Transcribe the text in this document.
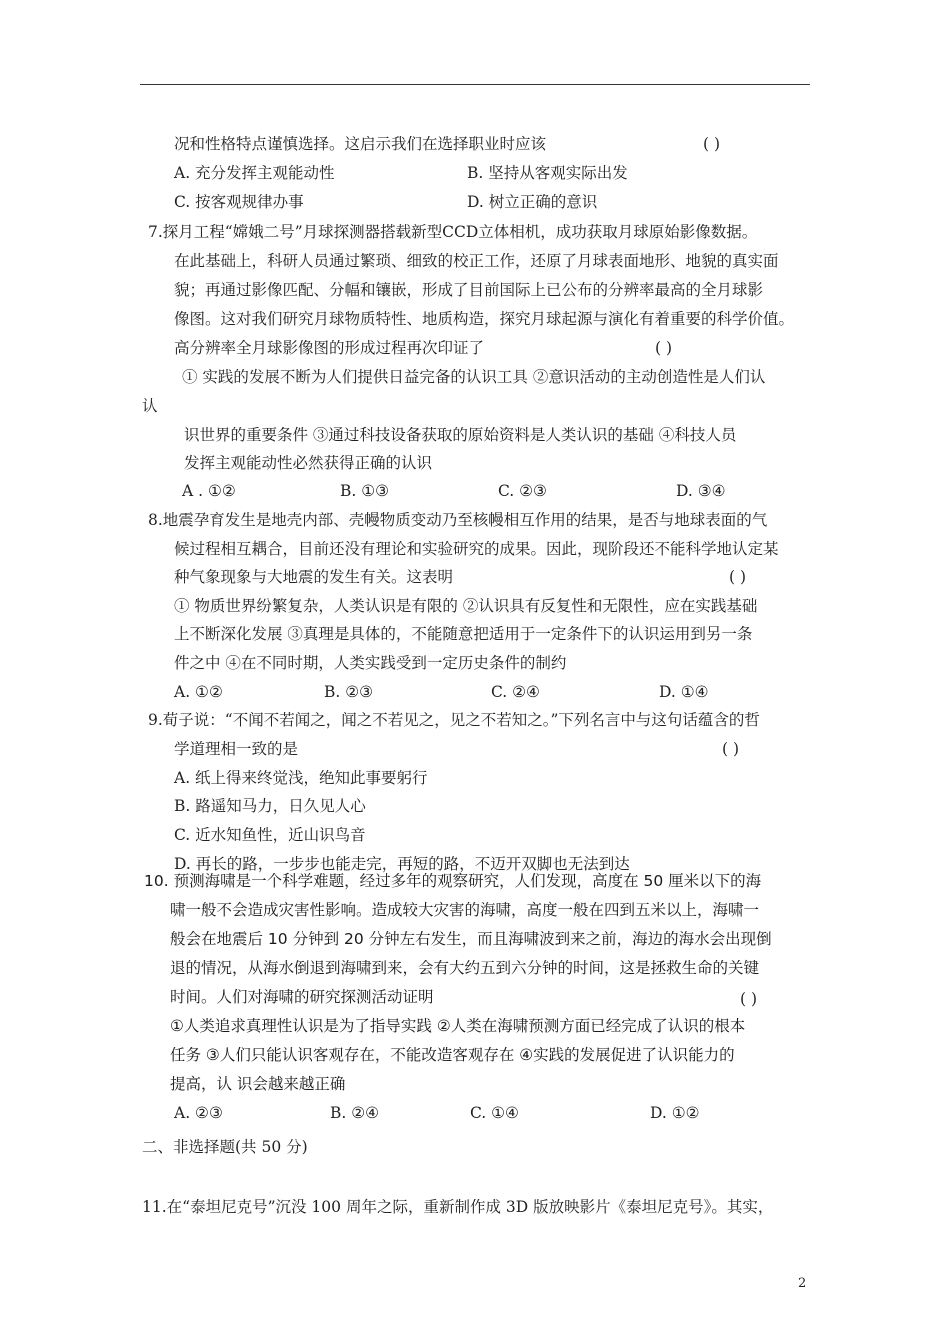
况和性格特点谨慎选择。这启示我们在选择职业时应该	( )
A. 充分发挥主观能动性	B. 坚持从客观实际出发
C. 按客观规律办事	D. 树立正确的意识
7.探月工程“嫦娥二号”月球探测器搭载新型CCD立体相机，成功获取月球原始影像数据。
在此基础上，科研人员通过繁琐、细致的校正工作，还原了月球表面地形、地貌的真实面
貌；再通过影像匹配、分幅和镶嵌，形成了目前国际上已公布的分辨率最高的全月球影
像图。这对我们研究月球物质特性、地质构造，探究月球起源与演化有着重要的科学价值。
高分辨率全月球影像图的形成过程再次印证了	( )
① 实践的发展不断为人们提供日益完备的认识工具 ②意识活动的主动创造性是人们认
认
识世界的重要条件 ③通过科技设备获取的原始资料是人类认识的基础 ④科技人员
发挥主观能动性必然获得正确的认识
A . ①②	B. ①③	C. ②③	D. ③④
8.地震孕育发生是地壳内部、壳幔物质变动乃至核幔相互作用的结果，是否与地球表面的气
候过程相互耦合，目前还没有理论和实验研究的成果。因此，现阶段还不能科学地认定某
种气象现象与大地震的发生有关。这表明	( )
① 物质世界纷繁复杂，人类认识是有限的 ②认识具有反复性和无限性，应在实践基础
上不断深化发展 ③真理是具体的，不能随意把适用于一定条件下的认识运用到另一条
件之中 ④在不同时期，人类实践受到一定历史条件的制约
A. ①②	B. ②③	C. ②④	D. ①④
9.荀子说：“不闻不若闻之，闻之不若见之，见之不若知之。”下列名言中与这句话蕴含的哲
学道理相一致的是	( )
A. 纸上得来终觉浅，绝知此事要躬行
B. 路遥知马力，日久见人心
C. 近水知鱼性，近山识鸟音
D. 再长的路，一步步也能走完，再短的路，不迈开双脚也无法到达
10. 预测海啸是一个科学难题，经过多年的观察研究，人们发现，高度在 50 厘米以下的海
啸一般不会造成灾害性影响。造成较大灾害的海啸，高度一般在四到五米以上，海啸一
般会在地震后 10 分钟到 20 分钟左右发生，而且海啸波到来之前，海边的海水会出现倒
退的情况，从海水倒退到海啸到来，会有大约五到六分钟的时间，这是拯救生命的关键
时间。人们对海啸的研究探测活动证明	( )
①人类追求真理性认识是为了指导实践 ②人类在海啸预测方面已经完成了认识的根本
任务 ③人们只能认识客观存在，不能改造客观存在 ④实践的发展促进了认识能力的
提高，认 识会越来越正确
A. ②③	B. ②④	C. ①④	D. ①②
二、非选择题(共 50 分)
11.在“泰坦尼克号”沉没 100 周年之际，重新制作成 3D 版放映影片《泰坦尼克号》。其实，
2
